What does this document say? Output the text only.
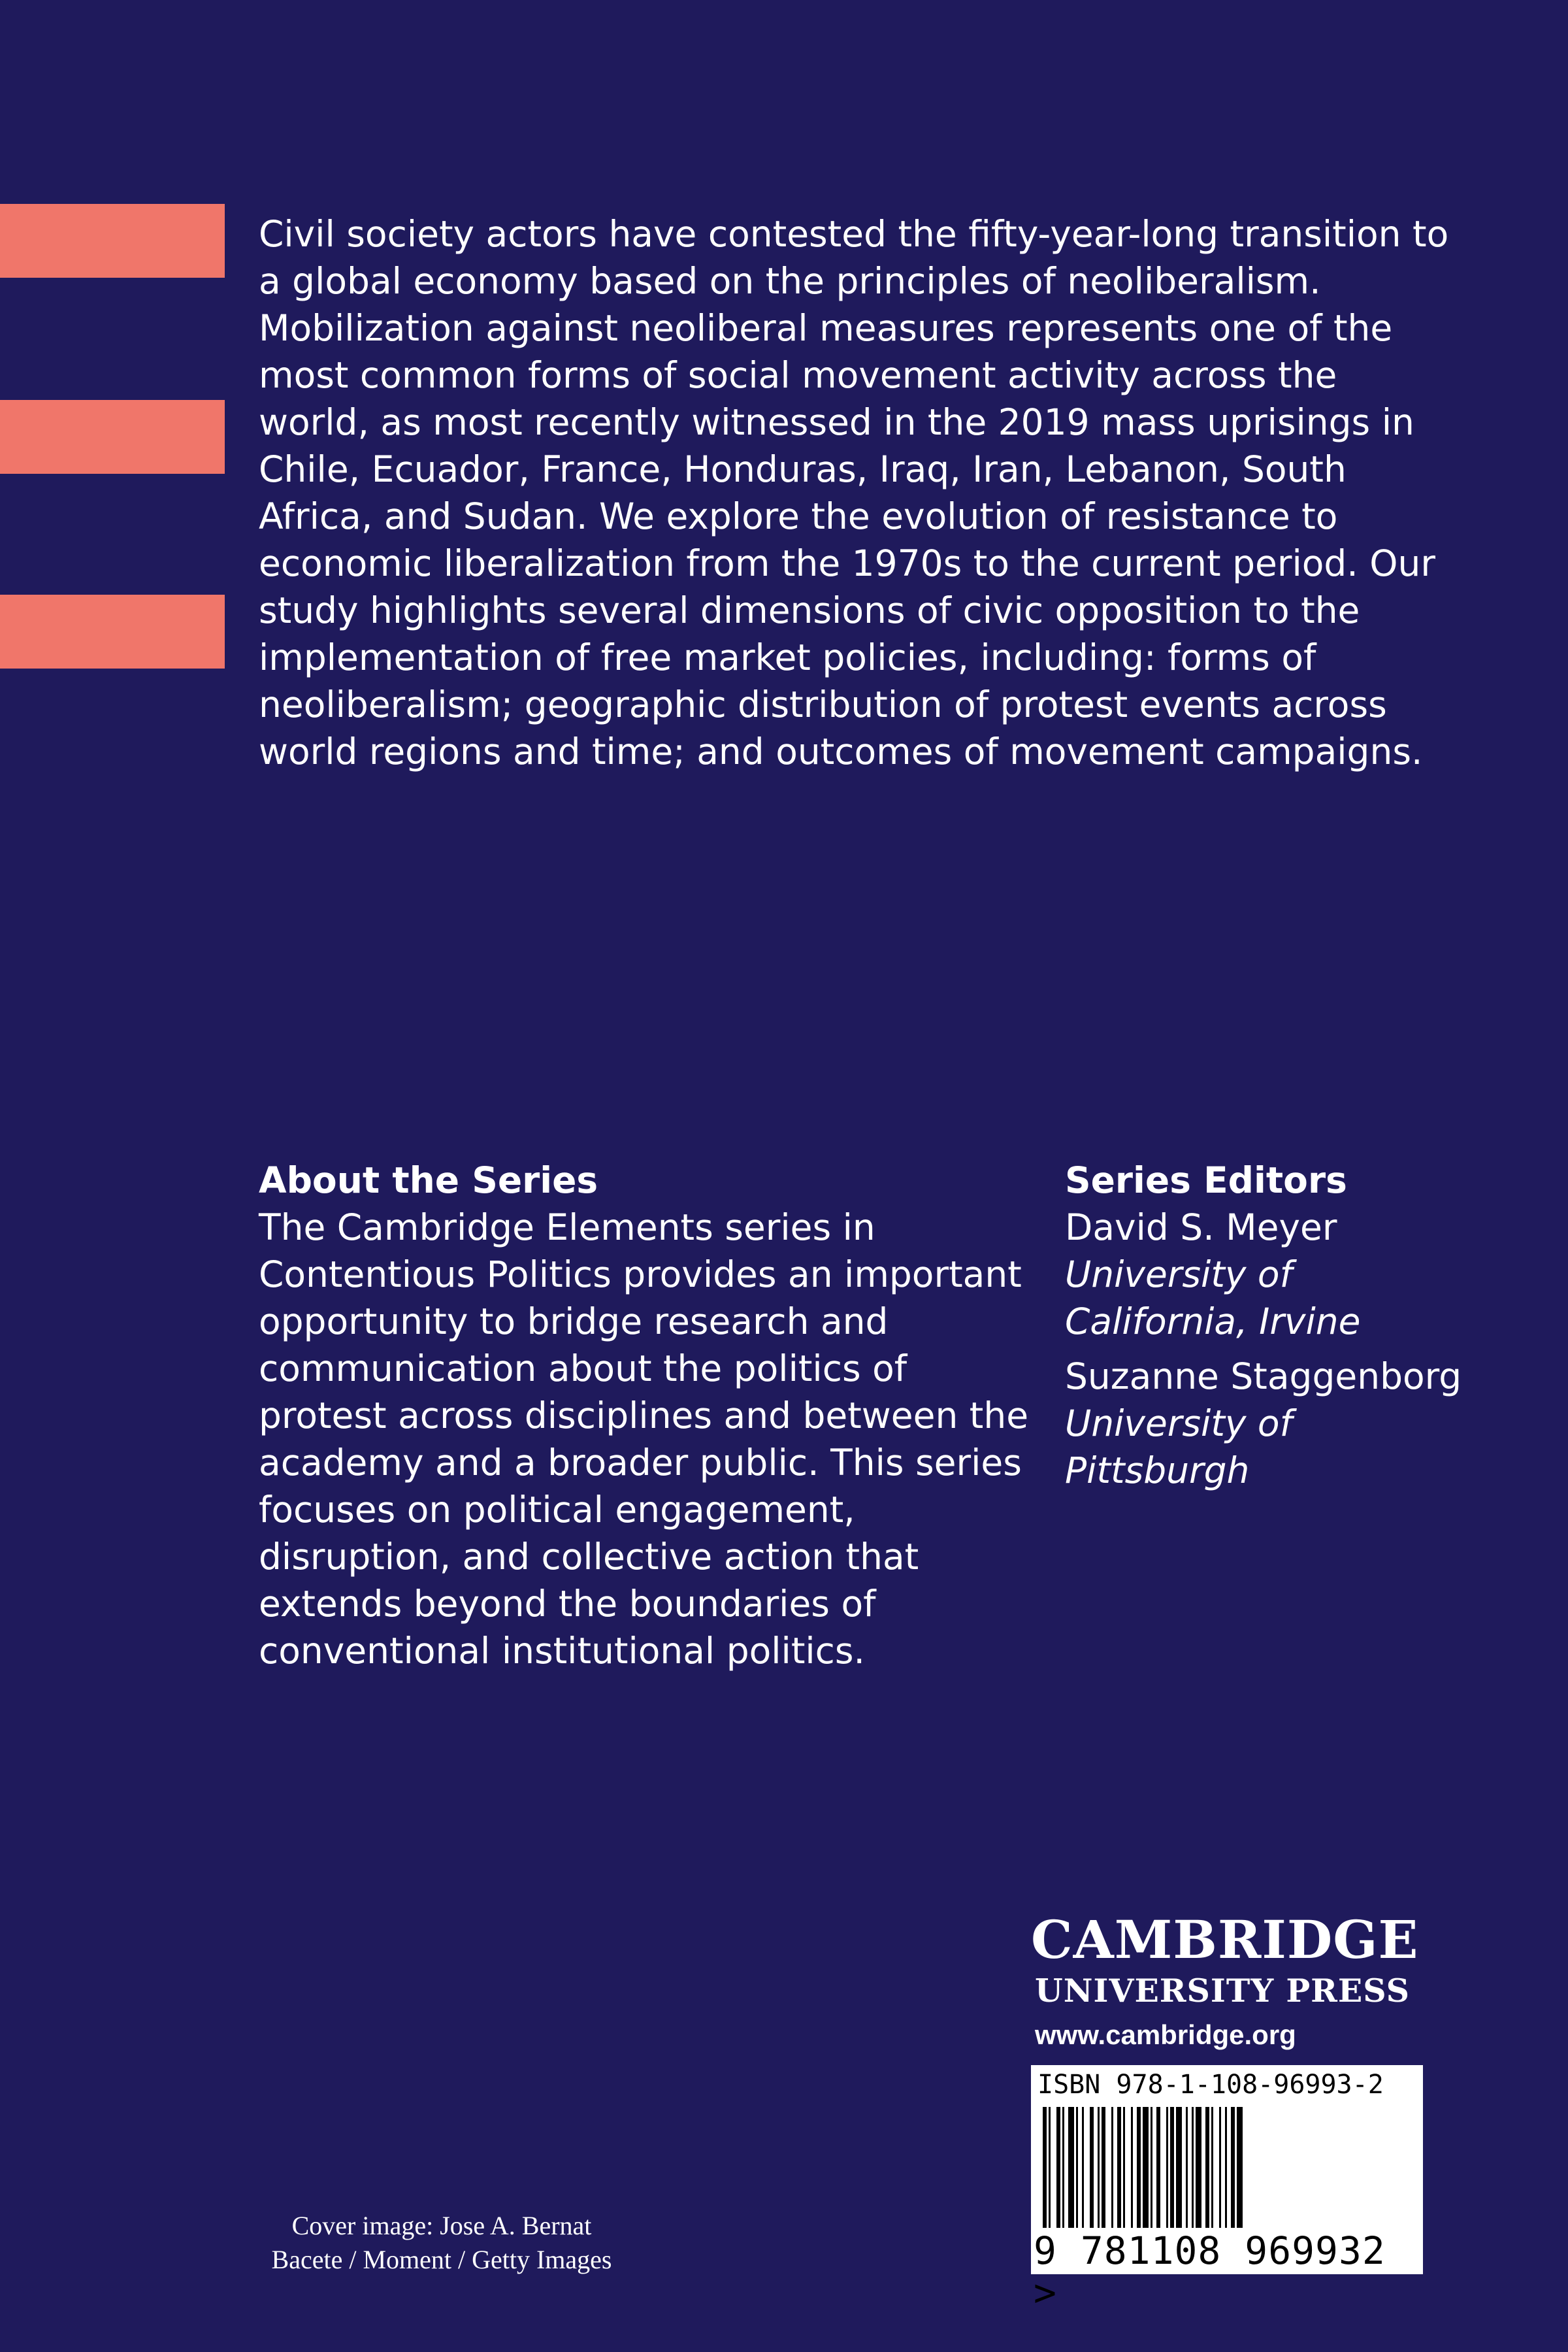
Civil society actors have contested the fifty-year-long transition to a global economy based on the principles of neoliberalism. Mobilization against neoliberal measures represents one of the most common forms of social movement activity across the world, as most recently witnessed in the 2019 mass uprisings in Chile, Ecuador, France, Honduras, Iraq, Iran, Lebanon, South Africa, and Sudan. We explore the evolution of resistance to economic liberalization from the 1970s to the current period. Our study highlights several dimensions of civic opposition to the implementation of free market policies, including: forms of neoliberalism; geographic distribution of protest events across world regions and time; and outcomes of movement campaigns.

About the Series

The Cambridge Elements series in Contentious Politics provides an important opportunity to bridge research and communication about the politics of protest across disciplines and between the academy and a broader public. This series focuses on political engagement, disruption, and collective action that extends beyond the boundaries of conventional institutional politics.

Series Editors
David S. Meyer
University of California, Irvine
Suzanne Staggenborg
University of Pittsburgh
CAMBRIDGE
UNIVERSITY PRESS
www.cambridge.org
ISBN 978-1-108-96993-2
9 781108 969932 >
Cover image: Jose A. Bernat Bacete / Moment / Getty Images
